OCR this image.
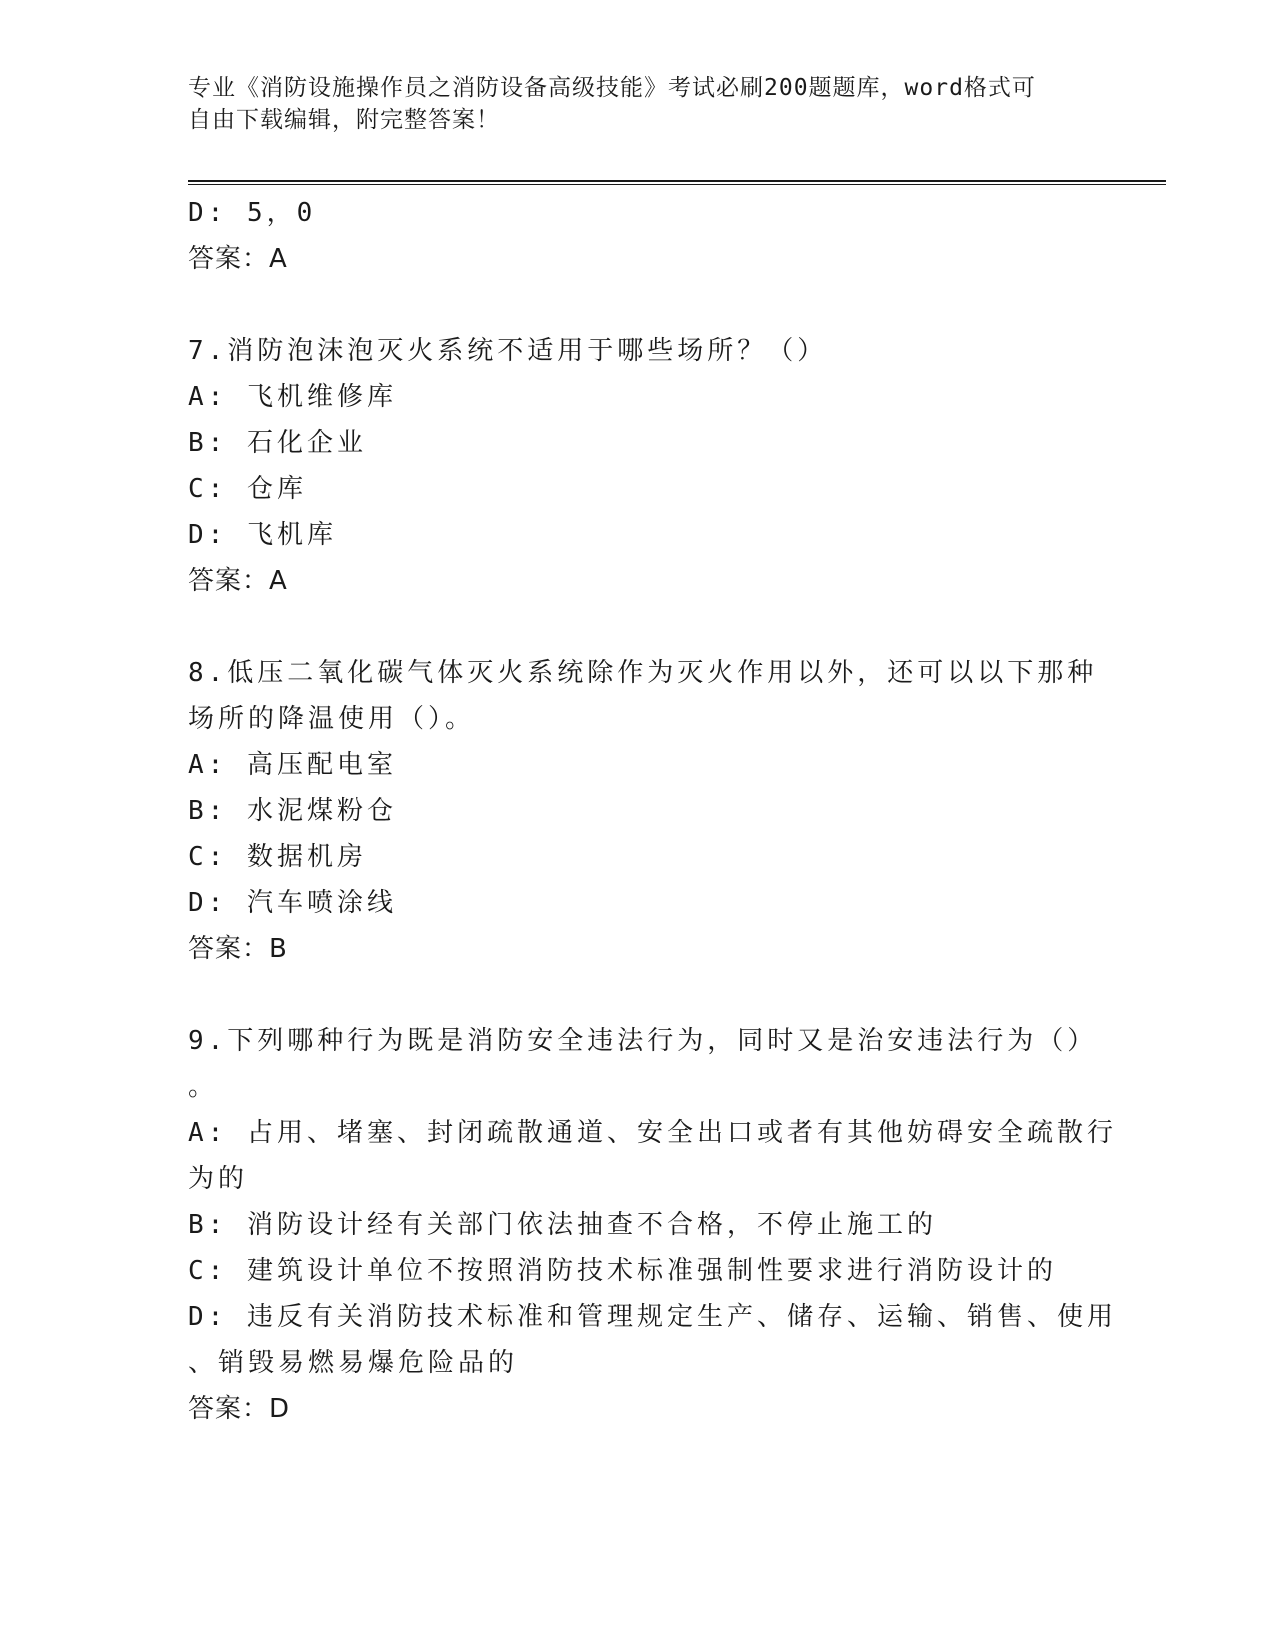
专业《消防设施操作员之消防设备高级技能》考试必刷200题题库，word格式可
自由下载编辑，附完整答案！
D: 5，0
答案：A
7.消防泡沫泡灭火系统不适用于哪些场所？（）
A: 飞机维修库
B: 石化企业
C: 仓库
D: 飞机库
答案：A
8.低压二氧化碳气体灭火系统除作为灭火作用以外，还可以以下那种
场所的降温使用（）。
A: 高压配电室
B: 水泥煤粉仓
C: 数据机房
D: 汽车喷涂线
答案：B
9.下列哪种行为既是消防安全违法行为，同时又是治安违法行为（）
。
A: 占用、堵塞、封闭疏散通道、安全出口或者有其他妨碍安全疏散行
为的
B: 消防设计经有关部门依法抽查不合格，不停止施工的
C: 建筑设计单位不按照消防技术标准强制性要求进行消防设计的
D: 违反有关消防技术标准和管理规定生产、储存、运输、销售、使用
、销毁易燃易爆危险品的
答案：D
